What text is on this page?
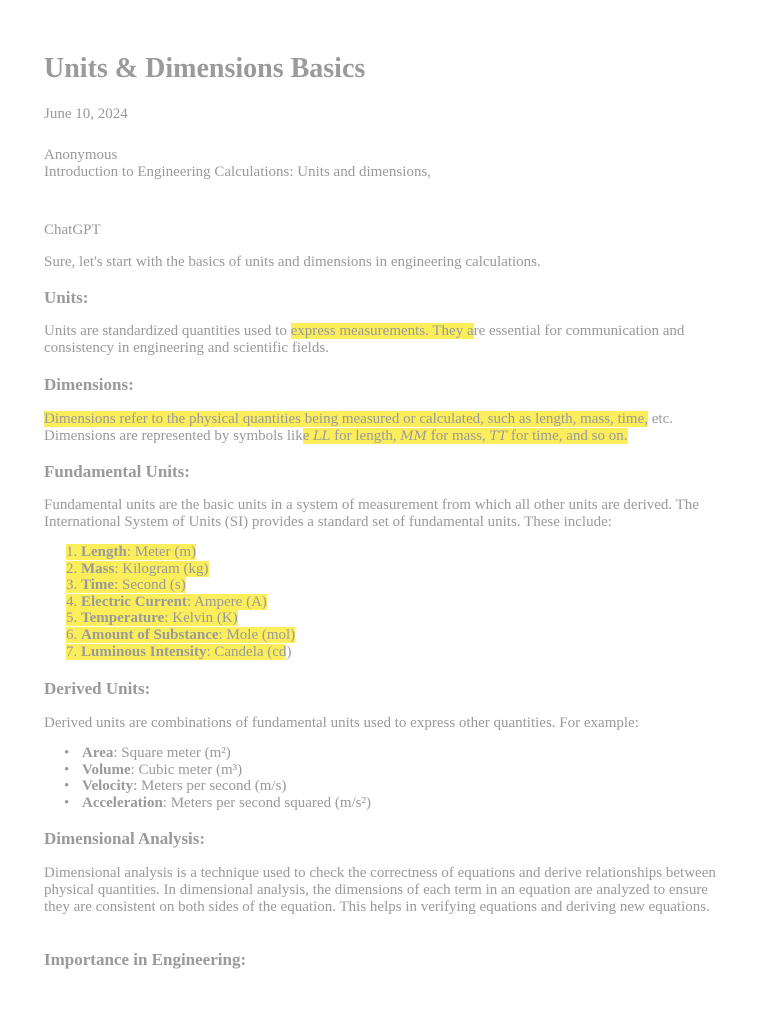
Units & Dimensions Basics
June 10, 2024
Anonymous
Introduction to Engineering Calculations: Units and dimensions,
ChatGPT
Sure, let's start with the basics of units and dimensions in engineering calculations.
Units:

Units are standardized quantities used to express measurements. They are essential for communication and consistency in engineering and scientific fields.

Dimensions:

Dimensions refer to the physical quantities being measured or calculated, such as length, mass, time, etc. Dimensions are represented by symbols like LL for length, MM for mass, TT for time, and so on.

Fundamental Units:

Fundamental units are the basic units in a system of measurement from which all other units are derived. The International System of Units (SI) provides a standard set of fundamental units. These include:

1. Length: Meter (m)
2. Mass: Kilogram (kg)
3. Time: Second (s)
4. Electric Current: Ampere (A)
5. Temperature: Kelvin (K)
6. Amount of Substance: Mole (mol)
7. Luminous Intensity: Candela (cd)
Derived Units:

Derived units are combinations of fundamental units used to express other quantities. For example:

• Area: Square meter (m²)
• Volume: Cubic meter (m³)
• Velocity: Meters per second (m/s)
• Acceleration: Meters per second squared (m/s²)
Dimensional Analysis:

Dimensional analysis is a technique used to check the correctness of equations and derive relationships between physical quantities. In dimensional analysis, the dimensions of each term in an equation are analyzed to ensure they are consistent on both sides of the equation. This helps in verifying equations and deriving new equations.

Importance in Engineering:
